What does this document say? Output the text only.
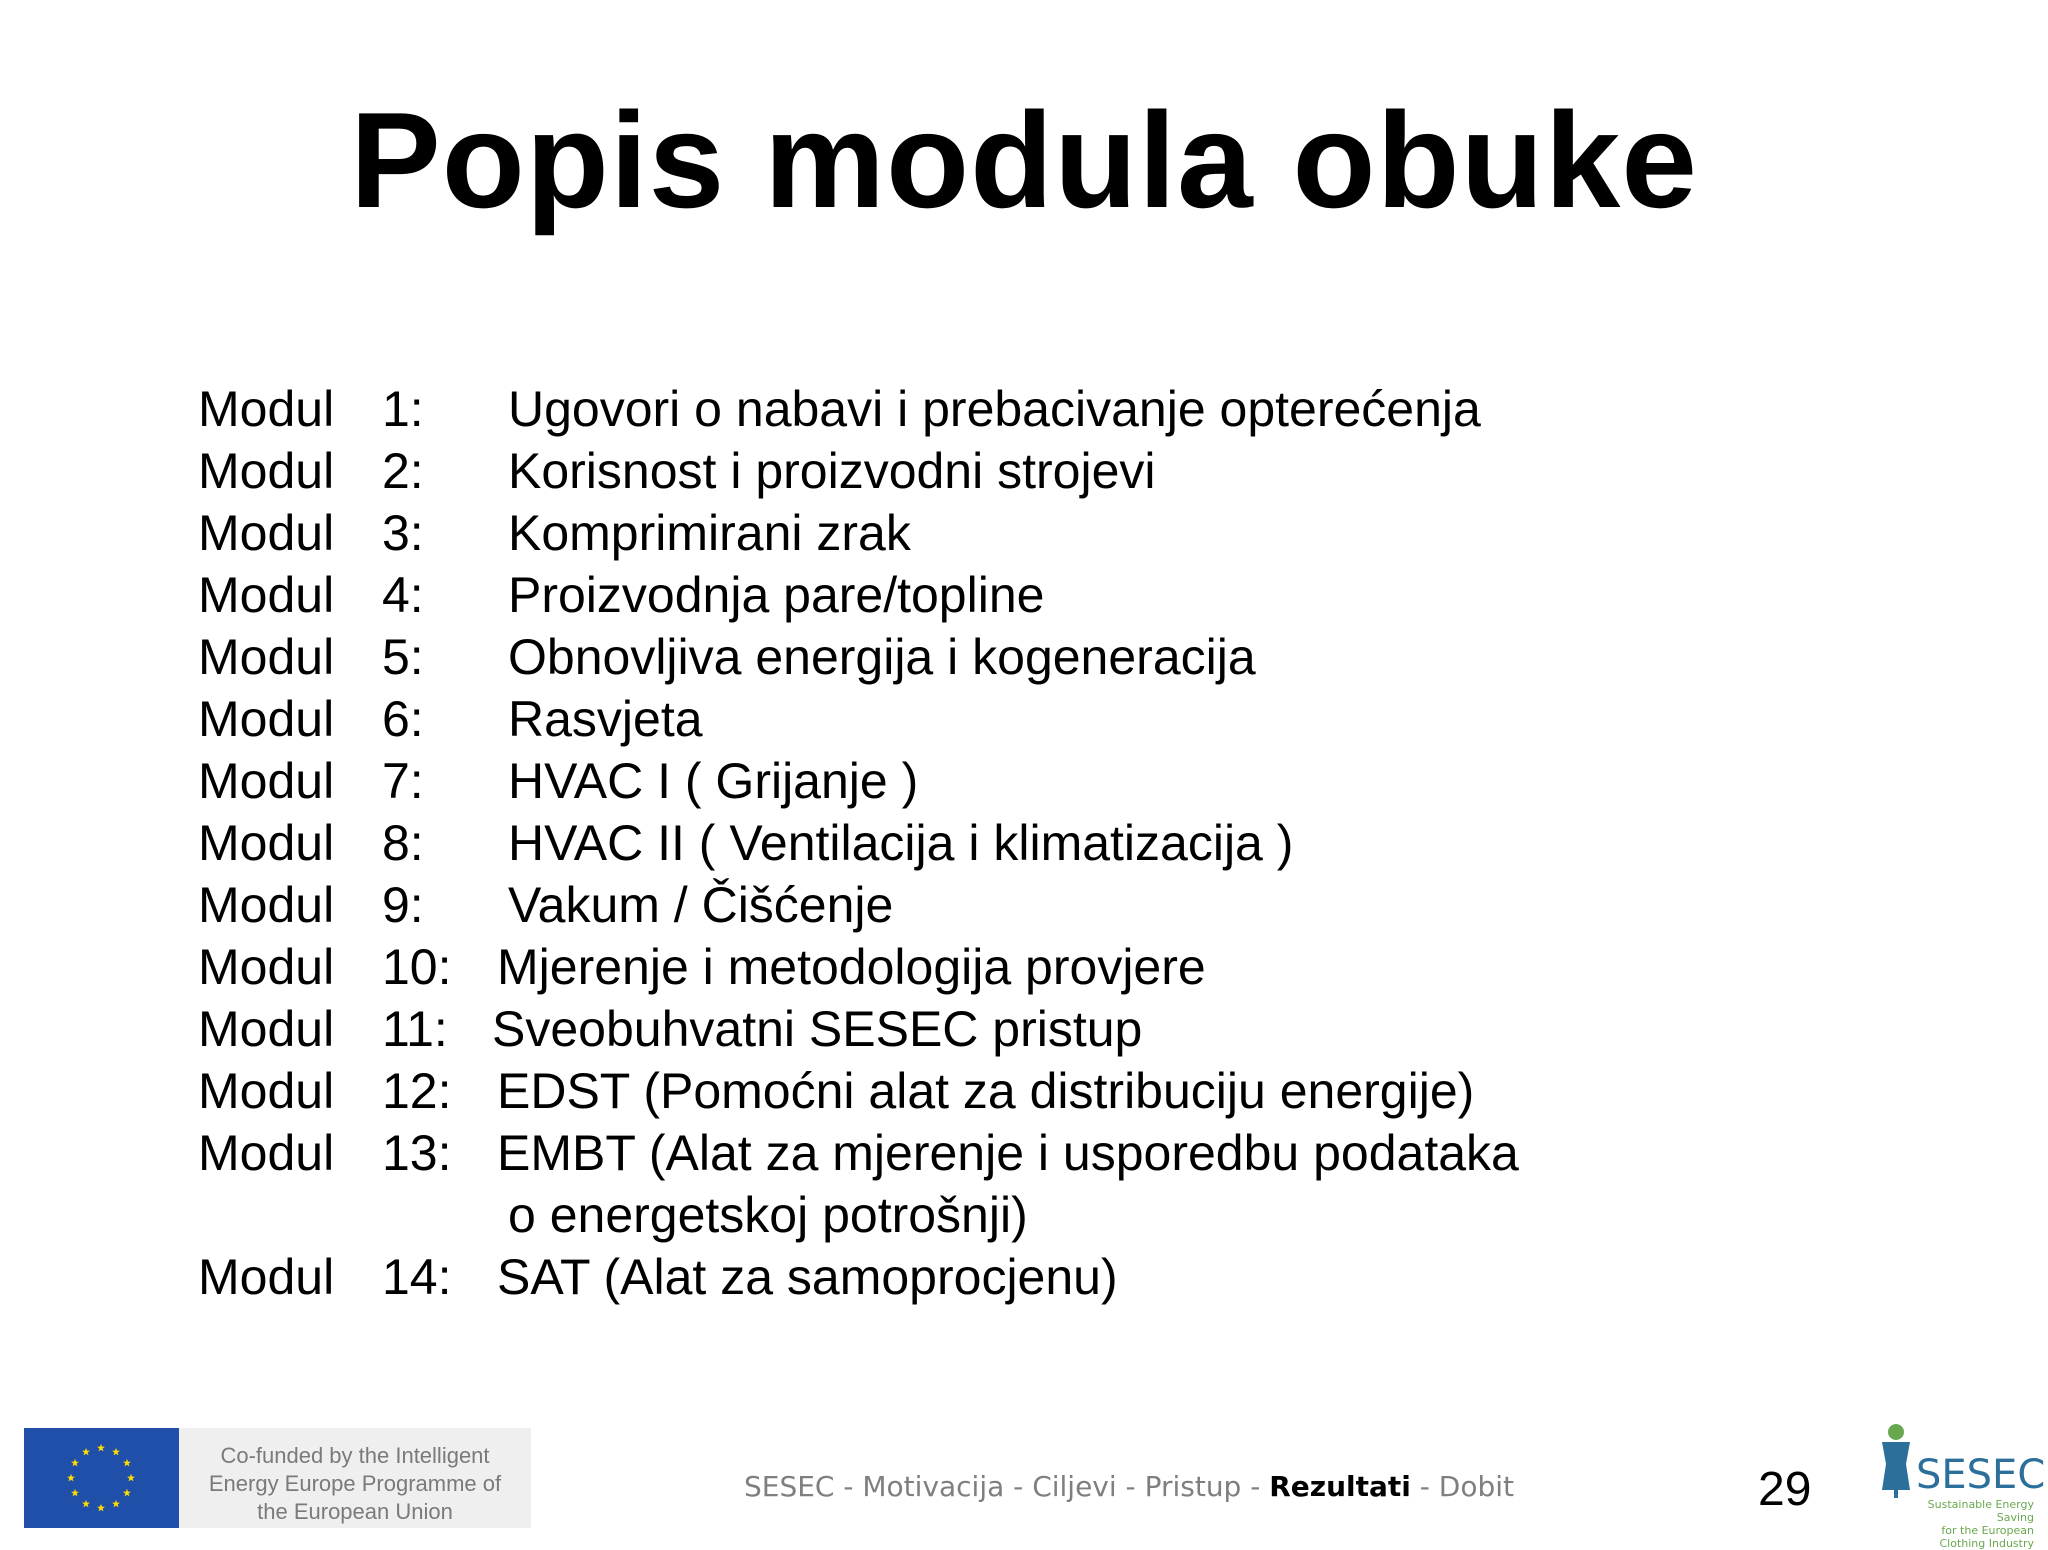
Popis modula obuke
Modul 1: Ugovori o nabavi i prebacivanje opterećenja
Modul 2: Korisnost i proizvodni strojevi
Modul 3: Komprimirani zrak
Modul 4: Proizvodnja pare/topline
Modul 5: Obnovljiva energija i kogeneracija
Modul 6: Rasvjeta
Modul 7: HVAC I ( Grijanje )
Modul 8: HVAC II ( Ventilacija i klimatizacija )
Modul 9: Vakum / Čišćenje
Modul 10: Mjerenje i metodologija provjere
Modul 11: Sveobuhvatni SESEC pristup
Modul 12: EDST (Pomoćni alat za distribuciju energije)
Modul 13: EMBT (Alat za mjerenje i usporedbu podataka
o energetskoj potrošnji)
Modul 14: SAT (Alat za samoprocjenu)
Co-funded by the Intelligent
Energy Europe Programme of
the European Union
SESEC - Motivacija - Ciljevi - Pristup - Rezultati - Dobit	29	SESEC
Sustainable Energy Saving
for the European Clothing Industry
